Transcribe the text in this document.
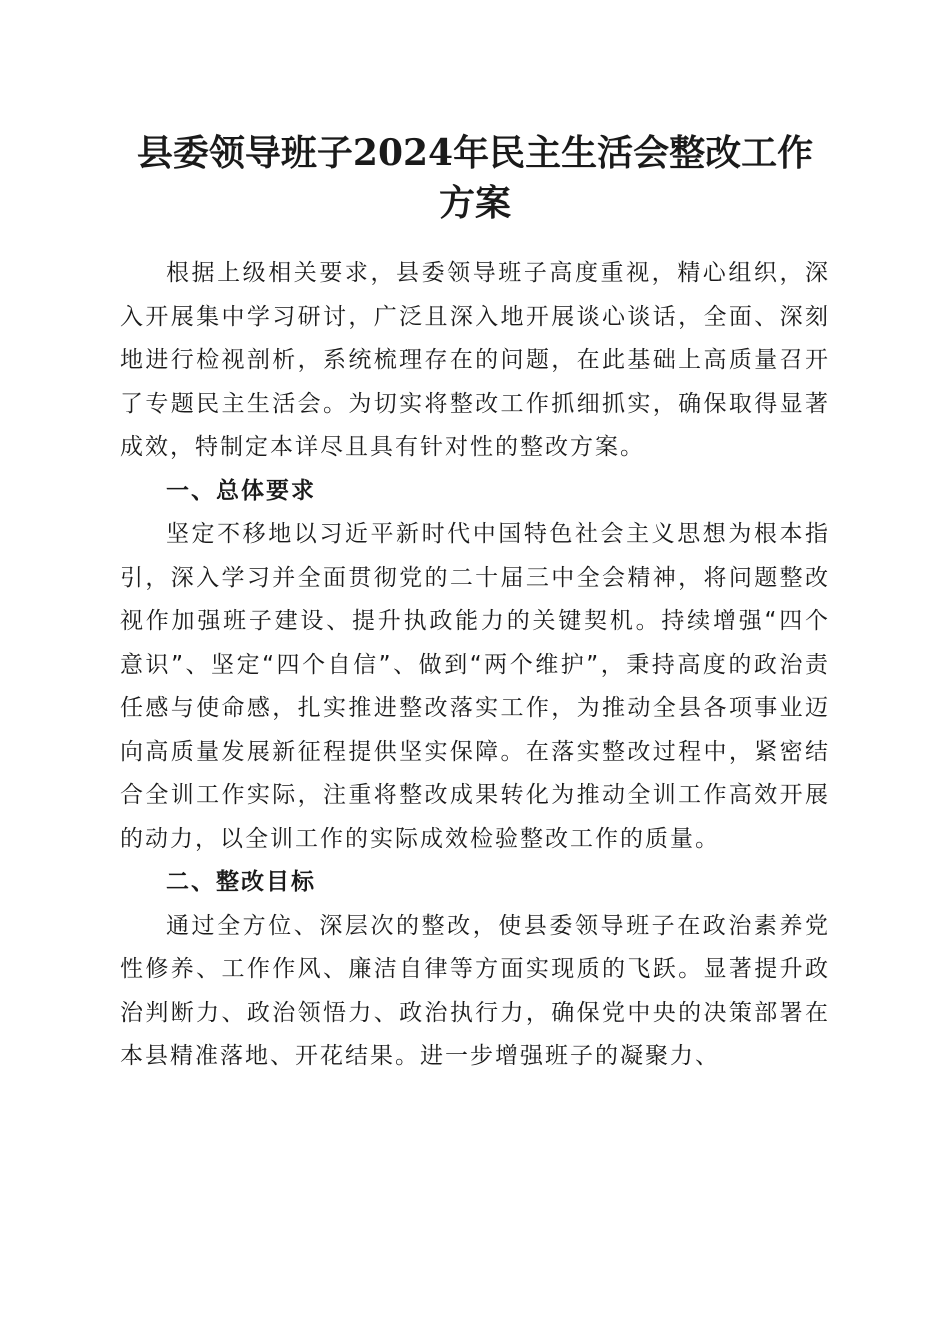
县委领导班子2024年民主生活会整改工作方案

根据上级相关要求，县委领导班子高度重视，精心组织，深入开展集中学习研讨，广泛且深入地开展谈心谈话，全面、深刻地进行检视剖析，系统梳理存在的问题，在此基础上高质量召开了专题民主生活会。为切实将整改工作抓细抓实，确保取得显著成效，特制定本详尽且具有针对性的整改方案。

一、总体要求

坚定不移地以习近平新时代中国特色社会主义思想为根本指引，深入学习并全面贯彻党的二十届三中全会精神，将问题整改视作加强班子建设、提升执政能力的关键契机。持续增强“四个意识”、坚定“四个自信”、做到“两个维护”，秉持高度的政治责任感与使命感，扎实推进整改落实工作，为推动全县各项事业迈向高质量发展新征程提供坚实保障。在落实整改过程中，紧密结合全训工作实际，注重将整改成果转化为推动全训工作高效开展的动力，以全训工作的实际成效检验整改工作的质量。

二、整改目标

通过全方位、深层次的整改，使县委领导班子在政治素养党性修养、工作作风、廉洁自律等方面实现质的飞跃。显著提升政治判断力、政治领悟力、政治执行力，确保党中央的决策部署在本县精准落地、开花结果。进一步增强班子的凝聚力、
